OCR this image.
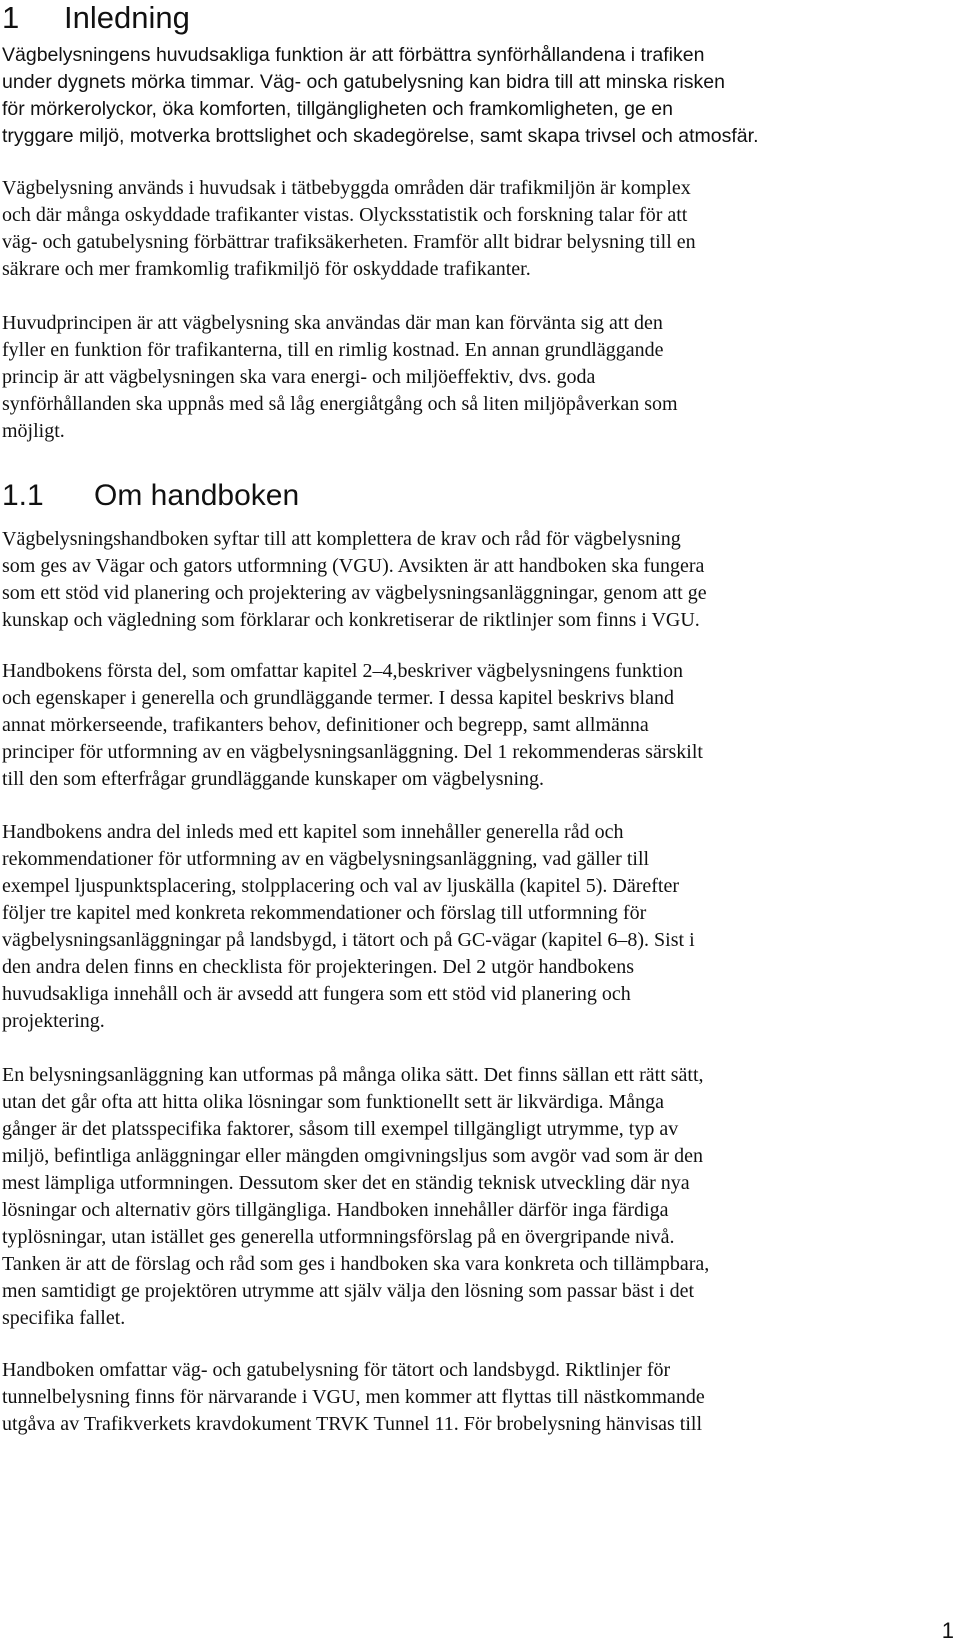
1 Inledning
Vägbelysningens huvudsakliga funktion är att förbättra synförhållandena i trafiken
under dygnets mörka timmar. Väg- och gatubelysning kan bidra till att minska risken
för mörkerolyckor, öka komforten, tillgängligheten och framkomligheten, ge en
tryggare miljö, motverka brottslighet och skadegörelse, samt skapa trivsel och atmosfär.
Vägbelysning används i huvudsak i tätbebyggda områden där trafikmiljön är komplex
och där många oskyddade trafikanter vistas. Olycksstatistik och forskning talar för att
väg- och gatubelysning förbättrar trafiksäkerheten. Framför allt bidrar belysning till en
säkrare och mer framkomlig trafikmiljö för oskyddade trafikanter.
Huvudprincipen är att vägbelysning ska användas där man kan förvänta sig att den
fyller en funktion för trafikanterna, till en rimlig kostnad. En annan grundläggande
princip är att vägbelysningen ska vara energi- och miljöeffektiv, dvs. goda
synförhållanden ska uppnås med så låg energiåtgång och så liten miljöpåverkan som
möjligt.
1.1 Om handboken
Vägbelysningshandboken syftar till att komplettera de krav och råd för vägbelysning
som ges av Vägar och gators utformning (VGU). Avsikten är att handboken ska fungera
som ett stöd vid planering och projektering av vägbelysningsanläggningar, genom att ge
kunskap och vägledning som förklarar och konkretiserar de riktlinjer som finns i VGU.
Handbokens första del, som omfattar kapitel 2–4,beskriver vägbelysningens funktion
och egenskaper i generella och grundläggande termer. I dessa kapitel beskrivs bland
annat mörkerseende, trafikanters behov, definitioner och begrepp, samt allmänna
principer för utformning av en vägbelysningsanläggning. Del 1 rekommenderas särskilt
till den som efterfrågar grundläggande kunskaper om vägbelysning.
Handbokens andra del inleds med ett kapitel som innehåller generella råd och
rekommendationer för utformning av en vägbelysningsanläggning, vad gäller till
exempel ljuspunktsplacering, stolpplacering och val av ljuskälla (kapitel 5). Därefter
följer tre kapitel med konkreta rekommendationer och förslag till utformning för
vägbelysningsanläggningar på landsbygd, i tätort och på GC-vägar (kapitel 6–8). Sist i
den andra delen finns en checklista för projekteringen. Del 2 utgör handbokens
huvudsakliga innehåll och är avsedd att fungera som ett stöd vid planering och
projektering.
En belysningsanläggning kan utformas på många olika sätt. Det finns sällan ett rätt sätt,
utan det går ofta att hitta olika lösningar som funktionellt sett är likvärdiga. Många
gånger är det platsspecifika faktorer, såsom till exempel tillgängligt utrymme, typ av
miljö, befintliga anläggningar eller mängden omgivningsljus som avgör vad som är den
mest lämpliga utformningen. Dessutom sker det en ständig teknisk utveckling där nya
lösningar och alternativ görs tillgängliga. Handboken innehåller därför inga färdiga
typlösningar, utan istället ges generella utformningsförslag på en övergripande nivå.
Tanken är att de förslag och råd som ges i handboken ska vara konkreta och tillämpbara,
men samtidigt ge projektören utrymme att själv välja den lösning som passar bäst i det
specifika fallet.
Handboken omfattar väg- och gatubelysning för tätort och landsbygd. Riktlinjer för
tunnelbelysning finns för närvarande i VGU, men kommer att flyttas till nästkommande
utgåva av Trafikverkets kravdokument TRVK Tunnel 11. För brobelysning hänvisas till
1
